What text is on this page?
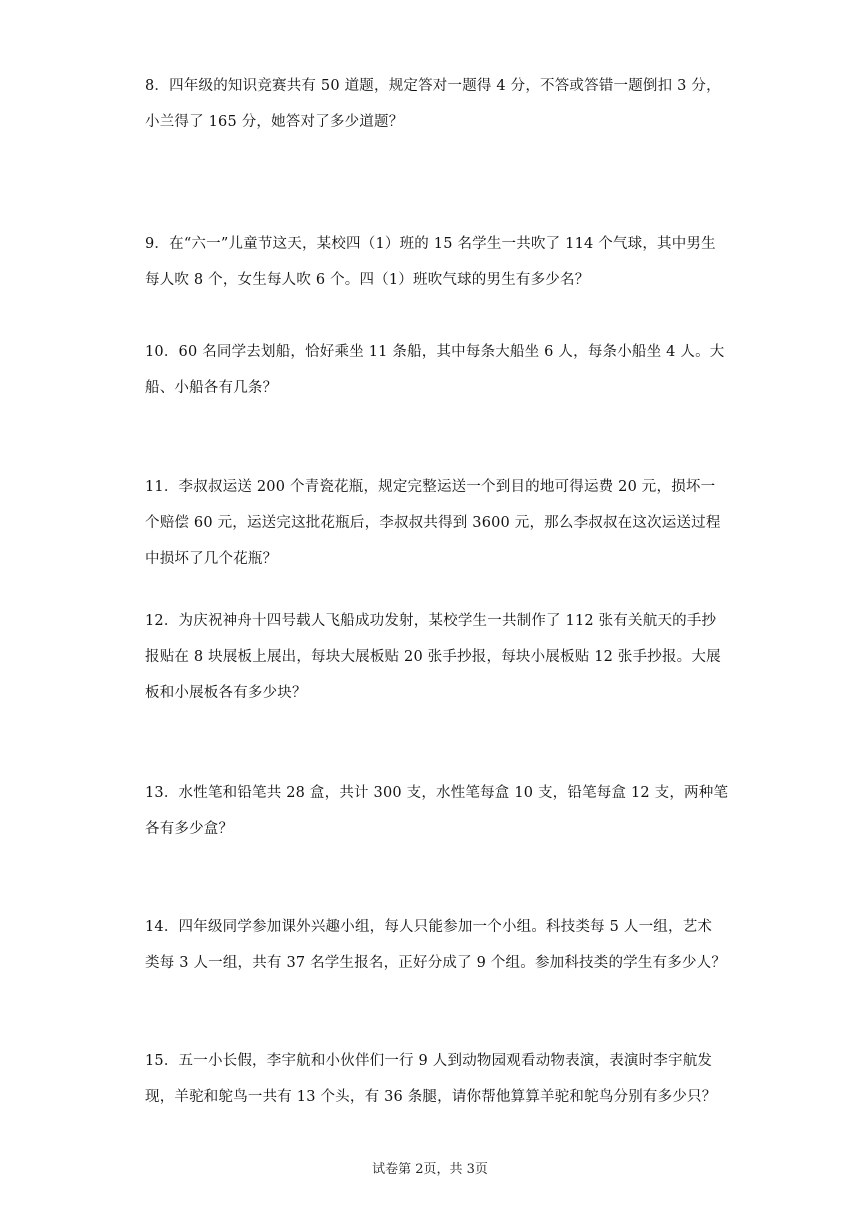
8．四年级的知识竞赛共有 50 道题，规定答对一题得 4 分，不答或答错一题倒扣 3 分，
小兰得了 165 分，她答对了多少道题？
9．在“六一”儿童节这天，某校四（1）班的 15 名学生一共吹了 114 个气球，其中男生
每人吹 8 个，女生每人吹 6 个。四（1）班吹气球的男生有多少名？
10．60 名同学去划船，恰好乘坐 11 条船，其中每条大船坐 6 人，每条小船坐 4 人。大
船、小船各有几条？
11．李叔叔运送 200 个青瓷花瓶，规定完整运送一个到目的地可得运费 20 元，损坏一
个赔偿 60 元，运送完这批花瓶后，李叔叔共得到 3600 元，那么李叔叔在这次运送过程
中损坏了几个花瓶？
12．为庆祝神舟十四号载人飞船成功发射，某校学生一共制作了 112 张有关航天的手抄
报贴在 8 块展板上展出，每块大展板贴 20 张手抄报，每块小展板贴 12 张手抄报。大展
板和小展板各有多少块？
13．水性笔和铅笔共 28 盒，共计 300 支，水性笔每盒 10 支，铅笔每盒 12 支，两种笔
各有多少盒？
14．四年级同学参加课外兴趣小组，每人只能参加一个小组。科技类每 5 人一组，艺术
类每 3 人一组，共有 37 名学生报名，正好分成了 9 个组。参加科技类的学生有多少人？
15．五一小长假，李宇航和小伙伴们一行 9 人到动物园观看动物表演，表演时李宇航发
现，羊驼和鸵鸟一共有 13 个头，有 36 条腿，请你帮他算算羊驼和鸵鸟分别有多少只？
试卷第 2页，共 3页
